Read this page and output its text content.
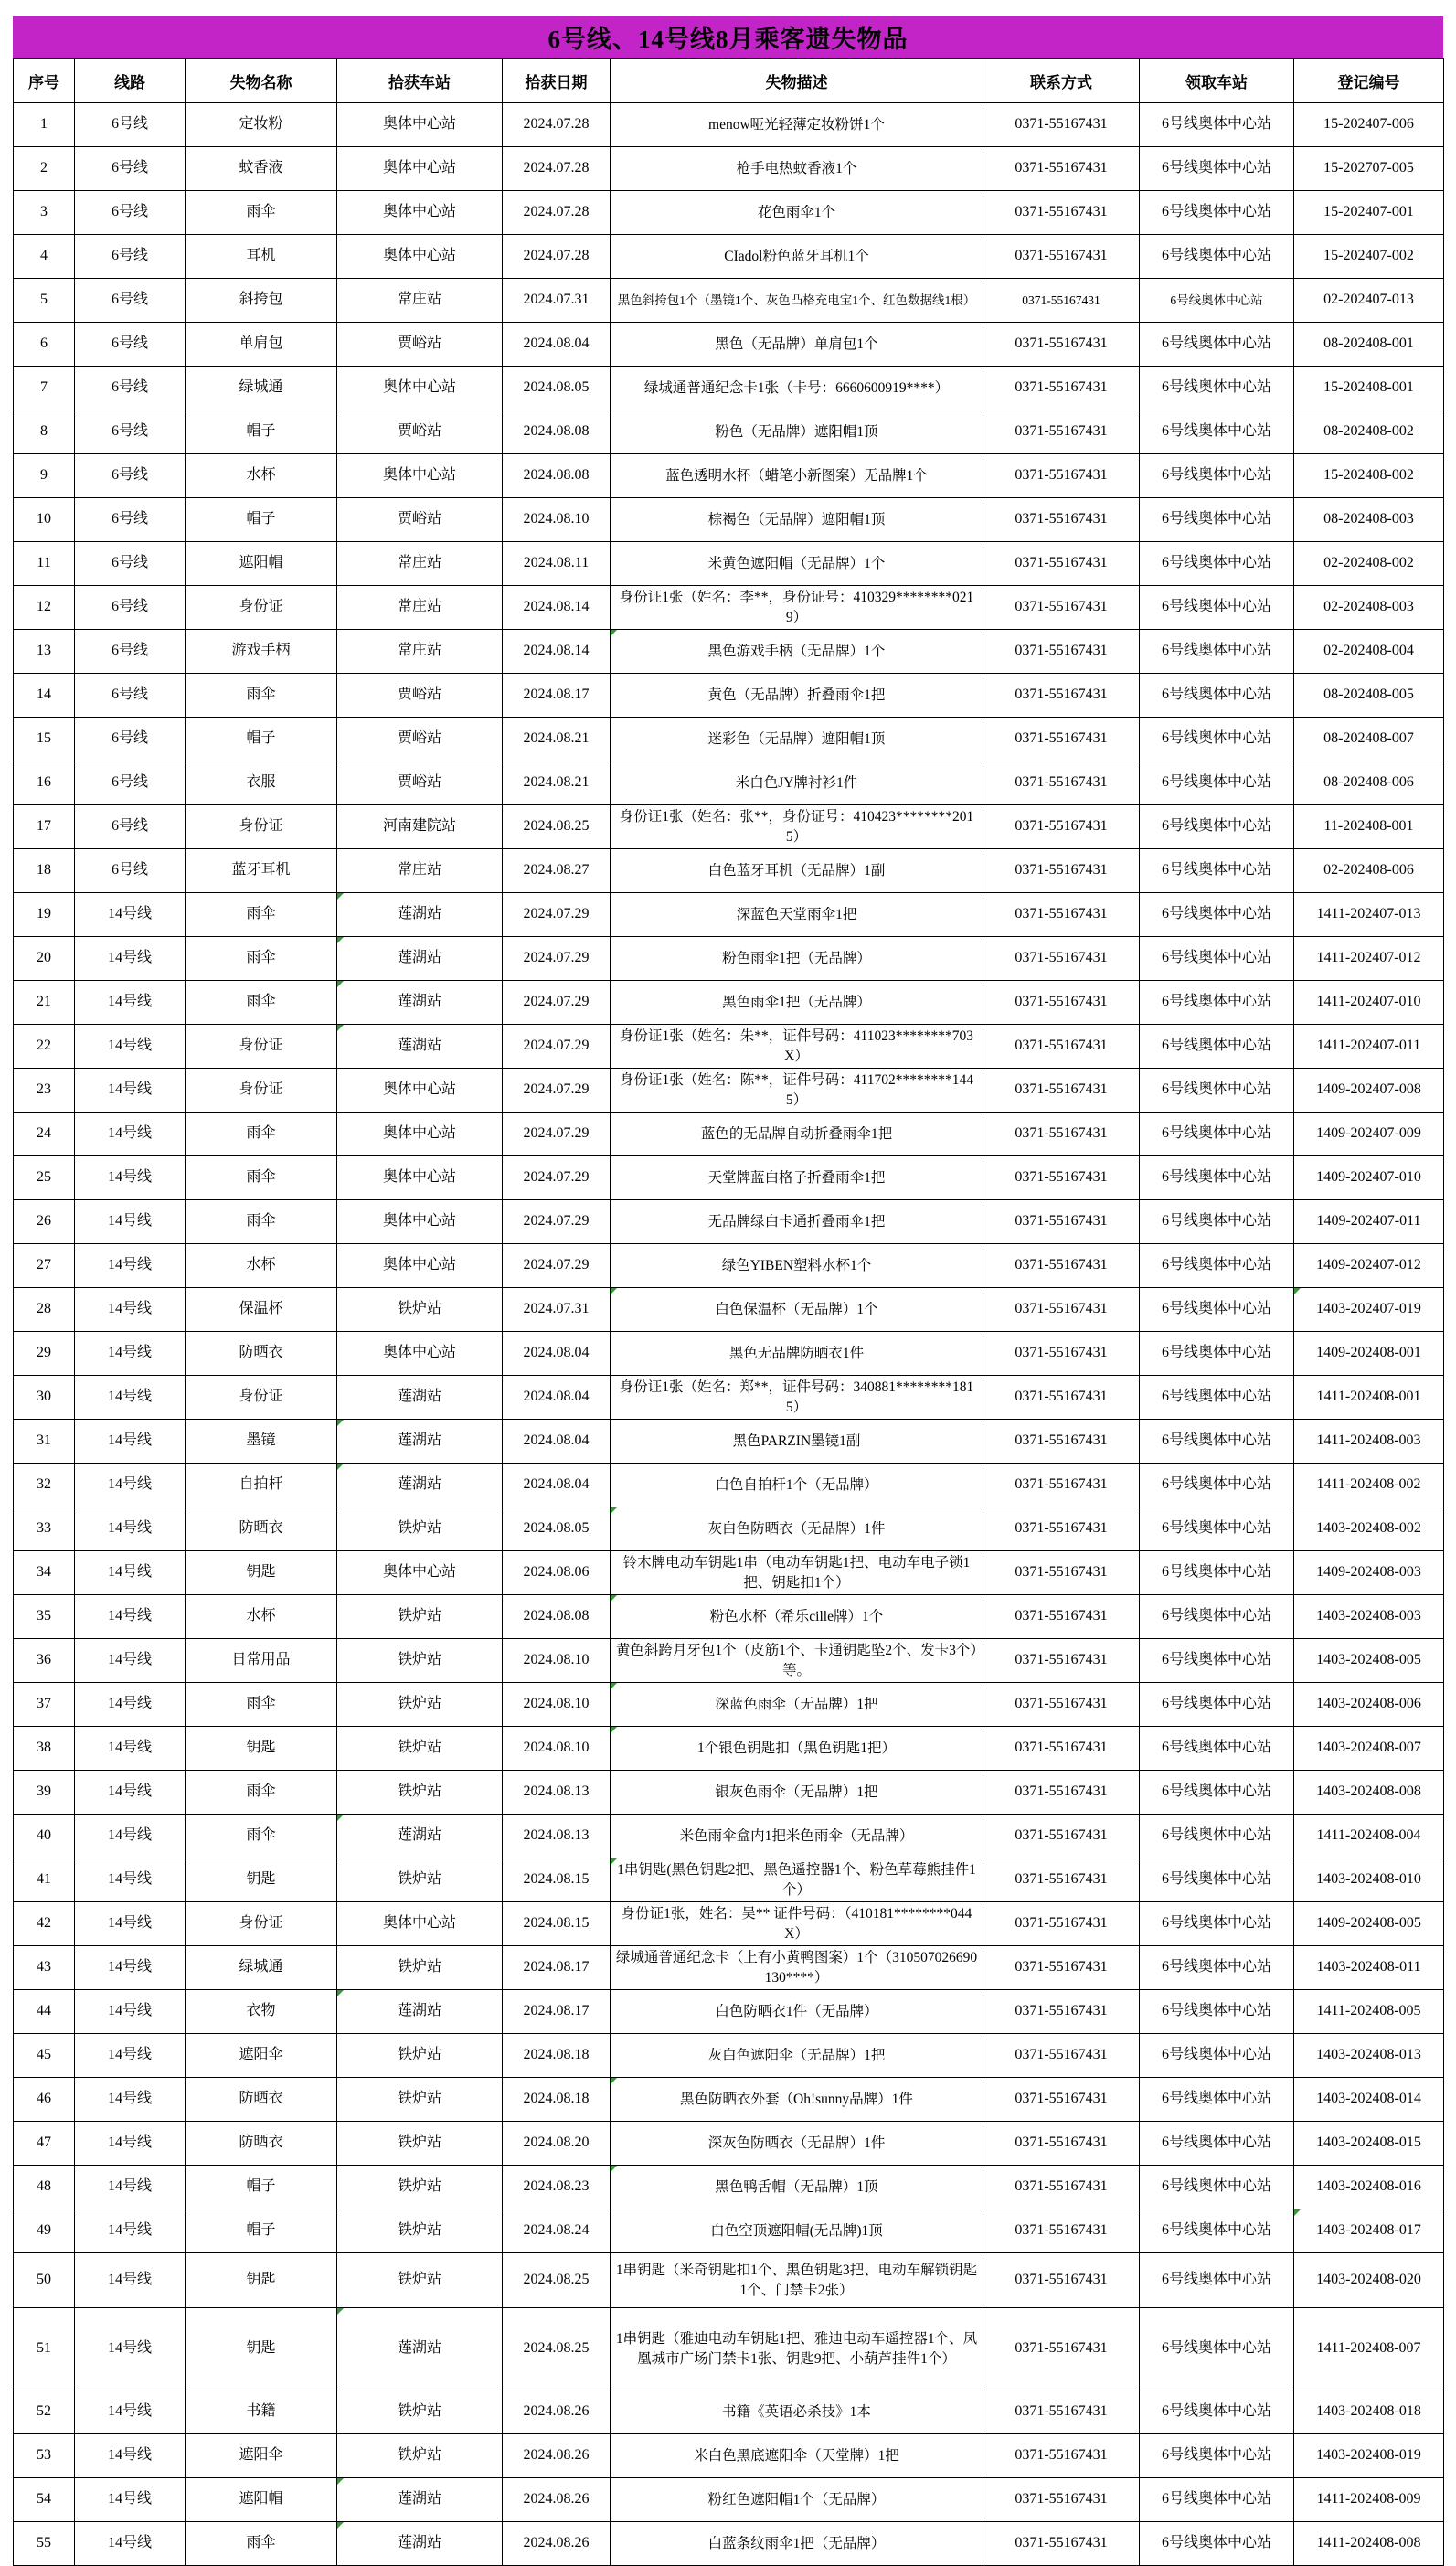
6号线、14号线8月乘客遗失物品
序号	线路	失物名称	拾获车站	拾获日期	失物描述	联系方式	领取车站	登记编号
1	6号线	定妆粉	奥体中心站	2024.07.28	menow哑光轻薄定妆粉饼1个	0371-55167431	6号线奥体中心站	15-202407-006
2	6号线	蚊香液	奥体中心站	2024.07.28	枪手电热蚊香液1个	0371-55167431	6号线奥体中心站	15-202707-005
3	6号线	雨伞	奥体中心站	2024.07.28	花色雨伞1个	0371-55167431	6号线奥体中心站	15-202407-001
4	6号线	耳机	奥体中心站	2024.07.28	CIadol粉色蓝牙耳机1个	0371-55167431	6号线奥体中心站	15-202407-002
5	6号线	斜挎包	常庄站	2024.07.31	黑色斜挎包1个（墨镜1个、灰色凸格充电宝1个、红色数据线1根）	0371-55167431	6号线奥体中心站	02-202407-013
6	6号线	单肩包	贾峪站	2024.08.04	黑色（无品牌）单肩包1个	0371-55167431	6号线奥体中心站	08-202408-001
7	6号线	绿城通	奥体中心站	2024.08.05	绿城通普通纪念卡1张（卡号：6660600919****）	0371-55167431	6号线奥体中心站	15-202408-001
8	6号线	帽子	贾峪站	2024.08.08	粉色（无品牌）遮阳帽1顶	0371-55167431	6号线奥体中心站	08-202408-002
9	6号线	水杯	奥体中心站	2024.08.08	蓝色透明水杯（蜡笔小新图案）无品牌1个	0371-55167431	6号线奥体中心站	15-202408-002
10	6号线	帽子	贾峪站	2024.08.10	棕褐色（无品牌）遮阳帽1顶	0371-55167431	6号线奥体中心站	08-202408-003
11	6号线	遮阳帽	常庄站	2024.08.11	米黄色遮阳帽（无品牌）1个	0371-55167431	6号线奥体中心站	02-202408-002
12	6号线	身份证	常庄站	2024.08.14	身份证1张（姓名：李**，身份证号：410329********0219）	0371-55167431	6号线奥体中心站	02-202408-003
13	6号线	游戏手柄	常庄站	2024.08.14	黑色游戏手柄（无品牌）1个	0371-55167431	6号线奥体中心站	02-202408-004
14	6号线	雨伞	贾峪站	2024.08.17	黄色（无品牌）折叠雨伞1把	0371-55167431	6号线奥体中心站	08-202408-005
15	6号线	帽子	贾峪站	2024.08.21	迷彩色（无品牌）遮阳帽1顶	0371-55167431	6号线奥体中心站	08-202408-007
16	6号线	衣服	贾峪站	2024.08.21	米白色JY牌衬衫1件	0371-55167431	6号线奥体中心站	08-202408-006
17	6号线	身份证	河南建院站	2024.08.25	身份证1张（姓名：张**，身份证号：410423********2015）	0371-55167431	6号线奥体中心站	11-202408-001
18	6号线	蓝牙耳机	常庄站	2024.08.27	白色蓝牙耳机（无品牌）1副	0371-55167431	6号线奥体中心站	02-202408-006
19	14号线	雨伞	莲湖站	2024.07.29	深蓝色天堂雨伞1把	0371-55167431	6号线奥体中心站	1411-202407-013
20	14号线	雨伞	莲湖站	2024.07.29	粉色雨伞1把（无品牌）	0371-55167431	6号线奥体中心站	1411-202407-012
21	14号线	雨伞	莲湖站	2024.07.29	黑色雨伞1把（无品牌）	0371-55167431	6号线奥体中心站	1411-202407-010
22	14号线	身份证	莲湖站	2024.07.29	身份证1张（姓名：朱**，证件号码：411023********703X）	0371-55167431	6号线奥体中心站	1411-202407-011
23	14号线	身份证	奥体中心站	2024.07.29	身份证1张（姓名：陈**，证件号码：411702********1445）	0371-55167431	6号线奥体中心站	1409-202407-008
24	14号线	雨伞	奥体中心站	2024.07.29	蓝色的无品牌自动折叠雨伞1把	0371-55167431	6号线奥体中心站	1409-202407-009
25	14号线	雨伞	奥体中心站	2024.07.29	天堂牌蓝白格子折叠雨伞1把	0371-55167431	6号线奥体中心站	1409-202407-010
26	14号线	雨伞	奥体中心站	2024.07.29	无品牌绿白卡通折叠雨伞1把	0371-55167431	6号线奥体中心站	1409-202407-011
27	14号线	水杯	奥体中心站	2024.07.29	绿色YIBEN塑料水杯1个	0371-55167431	6号线奥体中心站	1409-202407-012
28	14号线	保温杯	铁炉站	2024.07.31	白色保温杯（无品牌）1个	0371-55167431	6号线奥体中心站	1403-202407-019
29	14号线	防晒衣	奥体中心站	2024.08.04	黑色无品牌防晒衣1件	0371-55167431	6号线奥体中心站	1409-202408-001
30	14号线	身份证	莲湖站	2024.08.04	身份证1张（姓名：郑**，证件号码：340881********1815）	0371-55167431	6号线奥体中心站	1411-202408-001
31	14号线	墨镜	莲湖站	2024.08.04	黑色PARZIN墨镜1副	0371-55167431	6号线奥体中心站	1411-202408-003
32	14号线	自拍杆	莲湖站	2024.08.04	白色自拍杆1个（无品牌）	0371-55167431	6号线奥体中心站	1411-202408-002
33	14号线	防晒衣	铁炉站	2024.08.05	灰白色防晒衣（无品牌）1件	0371-55167431	6号线奥体中心站	1403-202408-002
34	14号线	钥匙	奥体中心站	2024.08.06	铃木牌电动车钥匙1串（电动车钥匙1把、电动车电子锁1把、钥匙扣1个）	0371-55167431	6号线奥体中心站	1409-202408-003
35	14号线	水杯	铁炉站	2024.08.08	粉色水杯（希乐cille牌）1个	0371-55167431	6号线奥体中心站	1403-202408-003
36	14号线	日常用品	铁炉站	2024.08.10	黄色斜跨月牙包1个（皮筋1个、卡通钥匙坠2个、发卡3个）等。	0371-55167431	6号线奥体中心站	1403-202408-005
37	14号线	雨伞	铁炉站	2024.08.10	深蓝色雨伞（无品牌）1把	0371-55167431	6号线奥体中心站	1403-202408-006
38	14号线	钥匙	铁炉站	2024.08.10	1个银色钥匙扣（黑色钥匙1把）	0371-55167431	6号线奥体中心站	1403-202408-007
39	14号线	雨伞	铁炉站	2024.08.13	银灰色雨伞（无品牌）1把	0371-55167431	6号线奥体中心站	1403-202408-008
40	14号线	雨伞	莲湖站	2024.08.13	米色雨伞盒内1把米色雨伞（无品牌）	0371-55167431	6号线奥体中心站	1411-202408-004
41	14号线	钥匙	铁炉站	2024.08.15	1串钥匙(黑色钥匙2把、黑色遥控器1个、粉色草莓熊挂件1个）	0371-55167431	6号线奥体中心站	1403-202408-010
42	14号线	身份证	奥体中心站	2024.08.15	身份证1张，姓名：吴** 证件号码：（410181********044X）	0371-55167431	6号线奥体中心站	1409-202408-005
43	14号线	绿城通	铁炉站	2024.08.17	绿城通普通纪念卡（上有小黄鸭图案）1个（310507026690130****）	0371-55167431	6号线奥体中心站	1403-202408-011
44	14号线	衣物	莲湖站	2024.08.17	白色防晒衣1件（无品牌）	0371-55167431	6号线奥体中心站	1411-202408-005
45	14号线	遮阳伞	铁炉站	2024.08.18	灰白色遮阳伞（无品牌）1把	0371-55167431	6号线奥体中心站	1403-202408-013
46	14号线	防晒衣	铁炉站	2024.08.18	黑色防晒衣外套（Oh!sunny品牌）1件	0371-55167431	6号线奥体中心站	1403-202408-014
47	14号线	防晒衣	铁炉站	2024.08.20	深灰色防晒衣（无品牌）1件	0371-55167431	6号线奥体中心站	1403-202408-015
48	14号线	帽子	铁炉站	2024.08.23	黑色鸭舌帽（无品牌）1顶	0371-55167431	6号线奥体中心站	1403-202408-016
49	14号线	帽子	铁炉站	2024.08.24	白色空顶遮阳帽(无品牌)1顶	0371-55167431	6号线奥体中心站	1403-202408-017
50	14号线	钥匙	铁炉站	2024.08.25	1串钥匙（米奇钥匙扣1个、黑色钥匙3把、电动车解锁钥匙1个、门禁卡2张）	0371-55167431	6号线奥体中心站	1403-202408-020
51	14号线	钥匙	莲湖站	2024.08.25	1串钥匙（雅迪电动车钥匙1把、雅迪电动车遥控器1个、凤凰城市广场门禁卡1张、钥匙9把、小葫芦挂件1个）	0371-55167431	6号线奥体中心站	1411-202408-007
52	14号线	书籍	铁炉站	2024.08.26	书籍《英语必杀技》1本	0371-55167431	6号线奥体中心站	1403-202408-018
53	14号线	遮阳伞	铁炉站	2024.08.26	米白色黑底遮阳伞（天堂牌）1把	0371-55167431	6号线奥体中心站	1403-202408-019
54	14号线	遮阳帽	莲湖站	2024.08.26	粉红色遮阳帽1个（无品牌）	0371-55167431	6号线奥体中心站	1411-202408-009
55	14号线	雨伞	莲湖站	2024.08.26	白蓝条纹雨伞1把（无品牌）	0371-55167431	6号线奥体中心站	1411-202408-008
